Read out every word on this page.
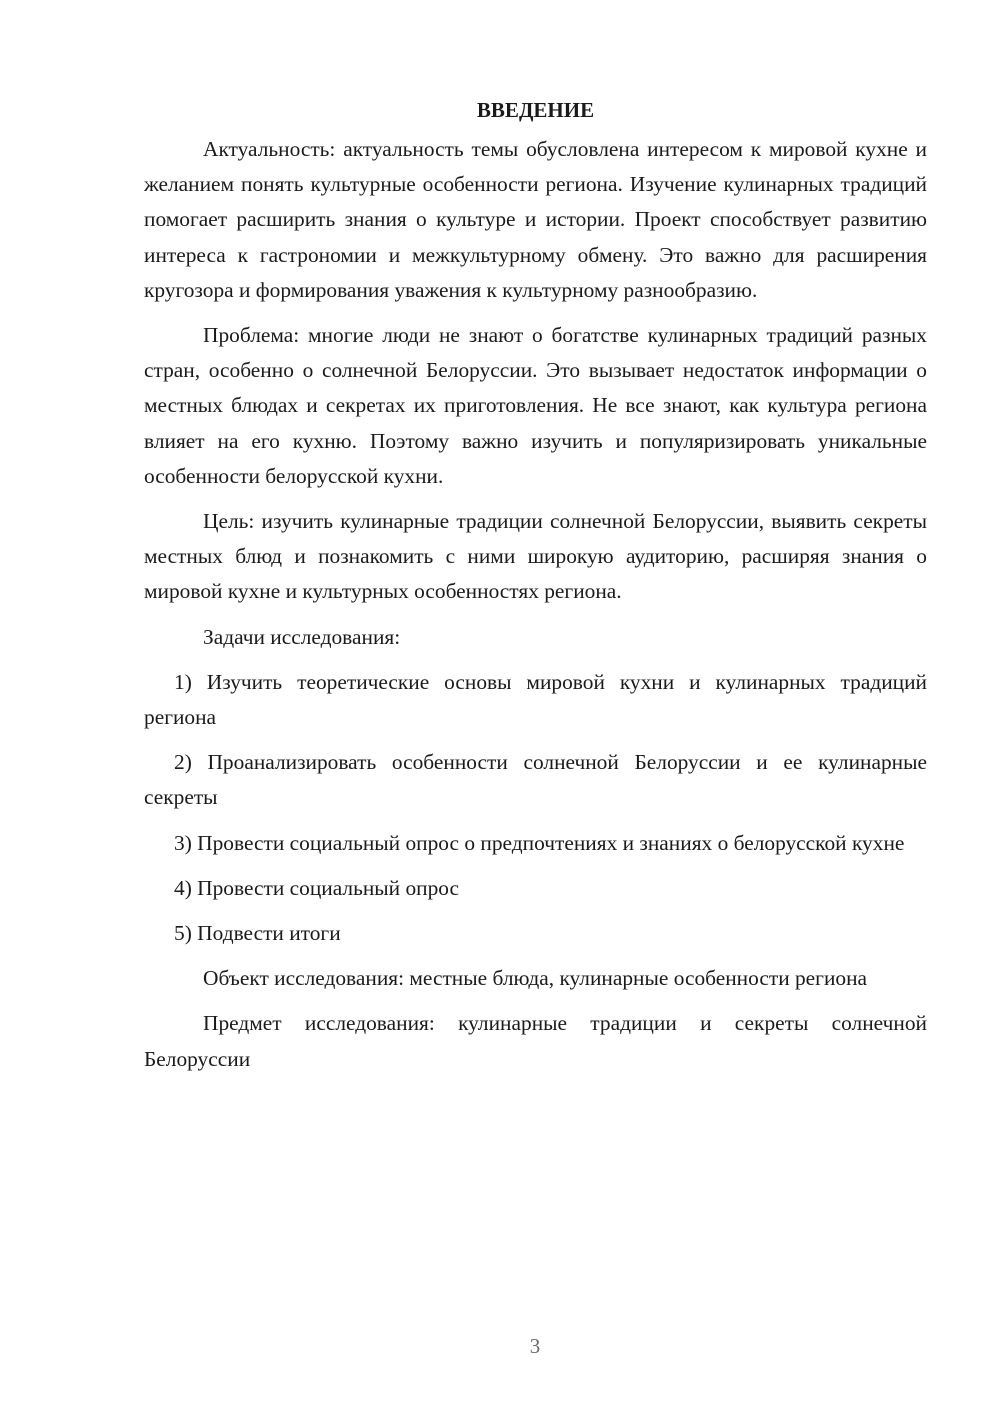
ВВЕДЕНИЕ

Актуальность: актуальность темы обусловлена интересом к мировой кухне и желанием понять культурные особенности региона. Изучение кулинарных традиций помогает расширить знания о культуре и истории. Проект способствует развитию интереса к гастрономии и межкультурному обмену. Это важно для расширения кругозора и формирования уважения к культурному разнообразию.

Проблема: многие люди не знают о богатстве кулинарных традиций разных стран, особенно о солнечной Белоруссии. Это вызывает недостаток информации о местных блюдах и секретах их приготовления. Не все знают, как культура региона влияет на его кухню. Поэтому важно изучить и популяризировать уникальные особенности белорусской кухни.

Цель: изучить кулинарные традиции солнечной Белоруссии, выявить секреты местных блюд и познакомить с ними широкую аудиторию, расширяя знания о мировой кухне и культурных особенностях региона.

Задачи исследования:

1) Изучить теоретические основы мировой кухни и кулинарных традиций региона

2) Проанализировать особенности солнечной Белоруссии и ее кулинарные секреты

3) Провести социальный опрос о предпочтениях и знаниях о белорусской кухне

4) Провести социальный опрос

5) Подвести итоги

Объект исследования: местные блюда, кулинарные особенности региона

Предмет исследования: кулинарные традиции и секреты солнечной Белоруссии

3
